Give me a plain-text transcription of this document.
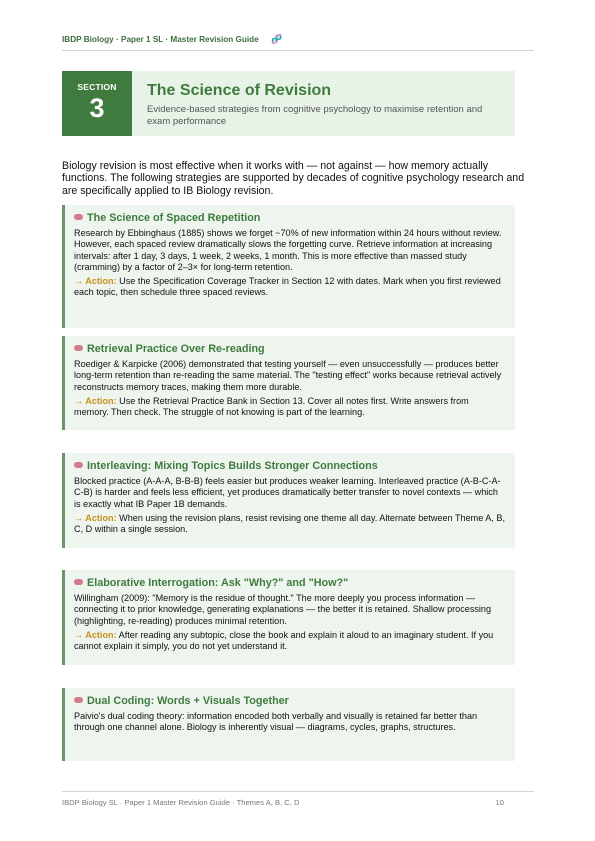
IBDP Biology · Paper 1 SL · Master Revision Guide 🧬
SECTION
3
The Science of Revision
Evidence-based strategies from cognitive psychology to maximise retention and exam performance
Biology revision is most effective when it works with — not against — how memory actually functions. The following strategies are supported by decades of cognitive psychology research and are specifically applied to IB Biology revision.
The Science of Spaced Repetition
Research by Ebbinghaus (1885) shows we forget ~70% of new information within 24 hours without review. However, each spaced review dramatically slows the forgetting curve. Retrieve information at increasing intervals: after 1 day, 3 days, 1 week, 2 weeks, 1 month. This is more effective than massed study (cramming) by a factor of 2–3× for long-term retention.
→ Action: Use the Specification Coverage Tracker in Section 12 with dates. Mark when you first reviewed each topic, then schedule three spaced reviews.
Retrieval Practice Over Re-reading
Roediger & Karpicke (2006) demonstrated that testing yourself — even unsuccessfully — produces better long-term retention than re-reading the same material. The "testing effect" works because retrieval actively reconstructs memory traces, making them more durable.
→ Action: Use the Retrieval Practice Bank in Section 13. Cover all notes first. Write answers from memory. Then check. The struggle of not knowing is part of the learning.
Interleaving: Mixing Topics Builds Stronger Connections
Blocked practice (A-A-A, B-B-B) feels easier but produces weaker learning. Interleaved practice (A-B-C-A-C-B) is harder and feels less efficient, yet produces dramatically better transfer to novel contexts — which is exactly what IB Paper 1B demands.
→ Action: When using the revision plans, resist revising one theme all day. Alternate between Theme A, B, C, D within a single session.
Elaborative Interrogation: Ask "Why?" and "How?"
Willingham (2009): "Memory is the residue of thought." The more deeply you process information — connecting it to prior knowledge, generating explanations — the better it is retained. Shallow processing (highlighting, re-reading) produces minimal retention.
→ Action: After reading any subtopic, close the book and explain it aloud to an imaginary student. If you cannot explain it simply, you do not yet understand it.
Dual Coding: Words + Visuals Together
Paivio's dual coding theory: information encoded both verbally and visually is retained far better than through one channel alone. Biology is inherently visual — diagrams, cycles, graphs, structures.
IBDP Biology SL · Paper 1 Master Revision Guide · Themes A, B, C, D	10
